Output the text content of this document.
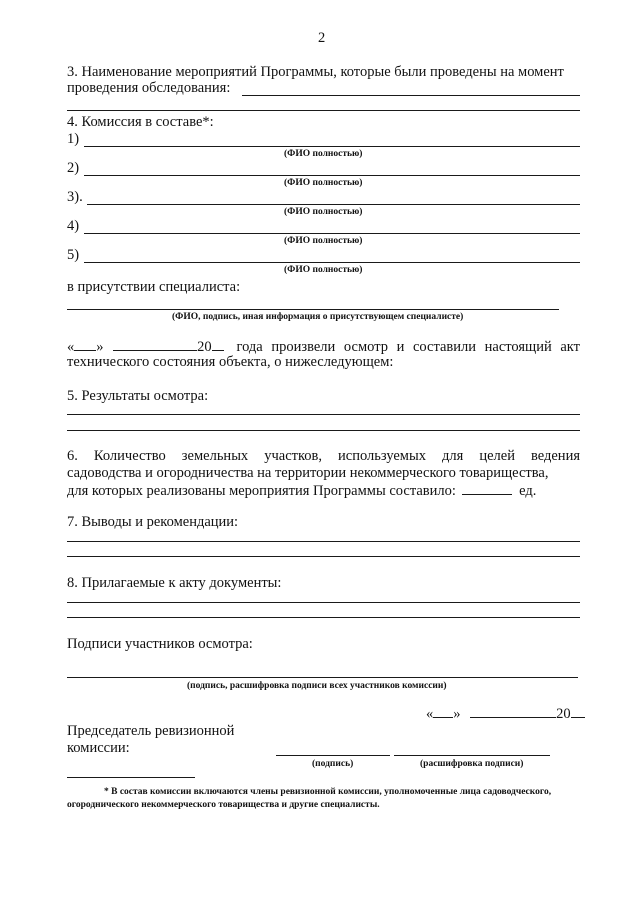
2
3. Наименование мероприятий Программы, которые были проведены на момент
проведения обследования:
4. Комиссия в составе*:
1)
(ФИО полностью)
2)
(ФИО полностью)
3).
(ФИО полностью)
4)
(ФИО полностью)
5)
(ФИО полностью)
в присутствии специалиста:
(ФИО, подпись, иная информация о присутствующем специалисте)
« »	20	года произвели осмотр и составили настоящий акт
технического состояния объекта, о нижеследующем:
5. Результаты осмотра:
6. Количество земельных участков, используемых для целей ведения
садоводства и огородничества на территории некоммерческого товарищества,
для которых реализованы мероприятия Программы составило:	ед.
7. Выводы и рекомендации:
8. Прилагаемые к акту документы:
Подписи участников осмотра:
(подпись, расшифровка подписи всех участников комиссии)
« »	20
Председатель ревизионной
комиссии:
(подпись)	(расшифровка подписи)
* В состав комиссии включаются члены ревизионной комиссии, уполномоченные лица садоводческого,
огороднического некоммерческого товарищества и другие специалисты.
